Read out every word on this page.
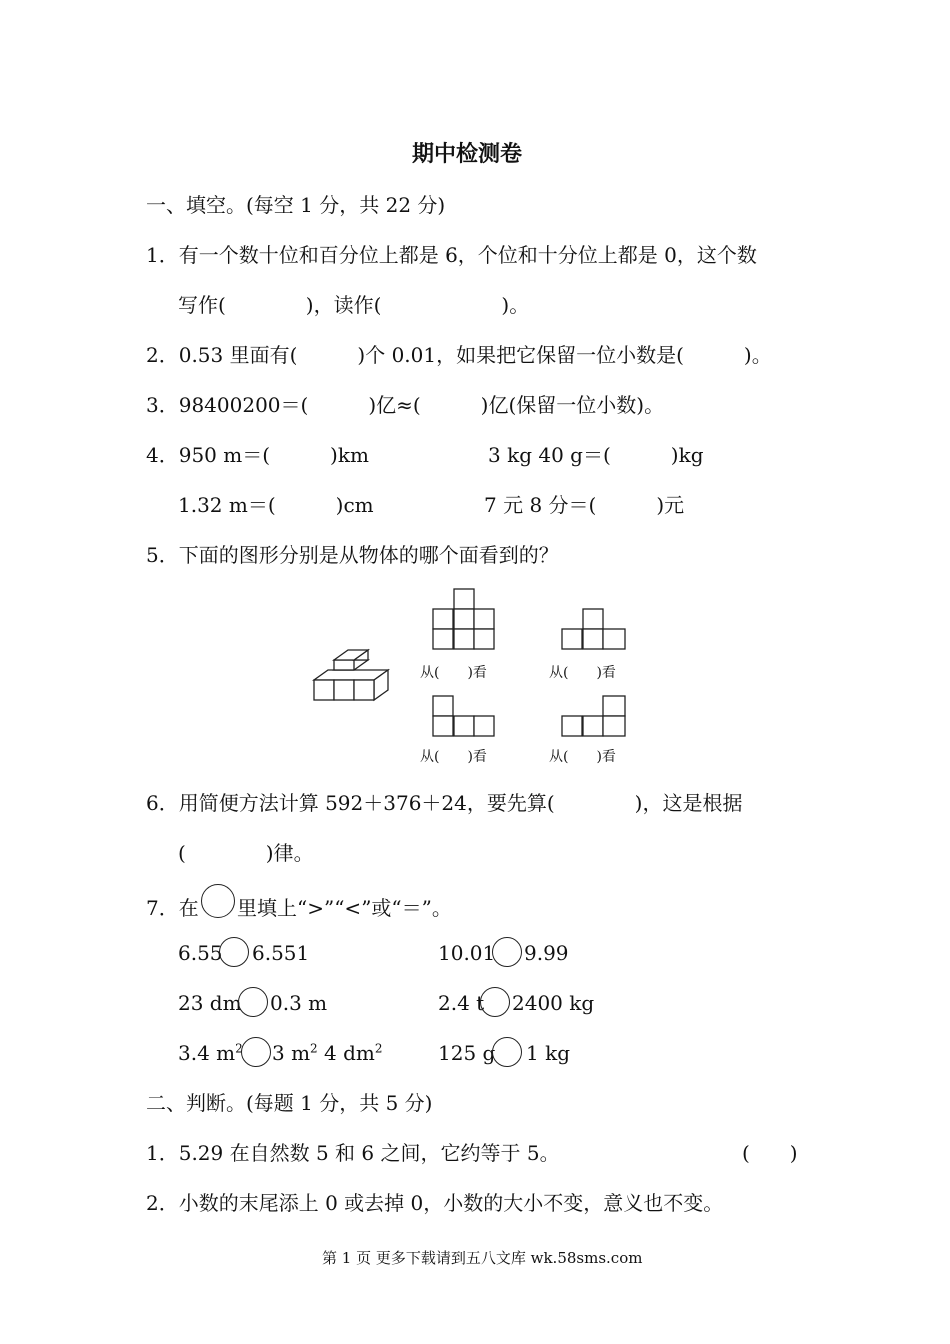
期中检测卷
一、填空。(每空 1 分，共 22 分)
1．有一个数十位和百分位上都是 6，个位和十分位上都是 0，这个数
写作(　　　　)，读作(　　　　　　)。
2．0.53 里面有(　　　)个 0.01，如果把它保留一位小数是(　　　)。
3．98400200＝(　　　)亿≈(　　　)亿(保留一位小数)。
4．950 m＝(　　　)km	3 kg 40 g＝(　　　)kg
1.32 m＝(　　　)cm	7 元 8 分＝(　　　)元
5．下面的图形分别是从物体的哪个面看到的？
从(　　)看	从(　　)看
从(　　)看	从(　　)看
6．用简便方法计算 592＋376＋24，要先算(　　　　)，这是根据
(　　　　)律。
7．在 里填上“>”“<”或“＝”。
6.55 6.551	10.01 9.99
23 dm 0.3 m	2.4 t 2400 kg
3.4 $m^2$ 3 $m^2$ 4 $dm^2$	125 g 1 kg
二、判断。(每题 1 分，共 5 分)
1．5.29 在自然数 5 和 6 之间，它约等于 5。	(　　)
2．小数的末尾添上 0 或去掉 0，小数的大小不变，意义也不变。
第 1 页 更多下载请到五八文库 wk.58sms.com
